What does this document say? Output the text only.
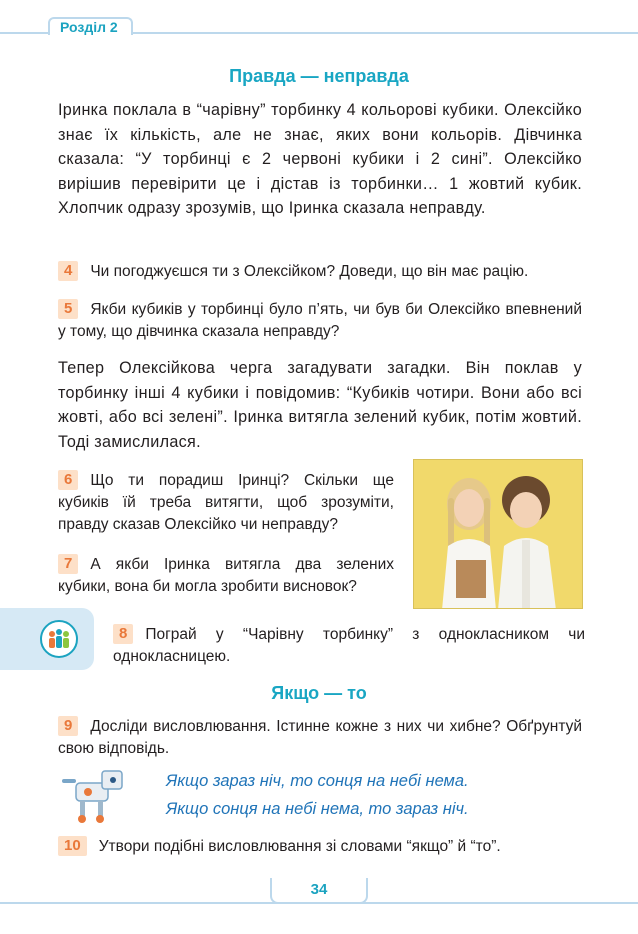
Розділ 2
Правда — неправда

Іринка поклала в “чарівну” торбинку 4 кольорові кубики. Олексійко знає їх кількість, але не знає, яких вони кольорів. Дівчинка сказала: “У торбинці є 2 червоні кубики і 2 сині”. Олексійко вирішив перевірити це і дістав із торбинки… 1 жовтий кубик. Хлопчик одразу зрозумів, що Іринка сказала неправду.

4 Чи погоджуєшся ти з Олексійком? Доведи, що він має рацію.
5 Якби кубиків у торбинці було п’ять, чи був би Олексійко впевнений у тому, що дівчинка сказала неправду?

Тепер Олексійкова черга загадувати загадки. Він поклав у торбинку інші 4 кубики і повідомив: “Кубиків чотири. Вони або всі жовті, або всі зелені”. Іринка витягла зелений кубик, потім жовтий. Тоді замислилася.

6 Що ти порадиш Іринці? Скільки ще кубиків їй треба витягти, щоб зрозуміти, правду сказав Олексійко чи неправду?
7 А якби Іринка витягла два зелених кубики, вона би могла зробити висновок?
8 Пограй у “Чарівну торбинку” з однокласником чи однокласницею.
Якщо — то
9 Досліди висловлювання. Істинне кожне з них чи хибне? Обґрунтуй свою відповідь.
Якщо зараз ніч, то сонця на небі нема.
Якщо сонця на небі нема, то зараз ніч.
10 Утвори подібні висловлювання зі словами “якщо” й “то”.
34
